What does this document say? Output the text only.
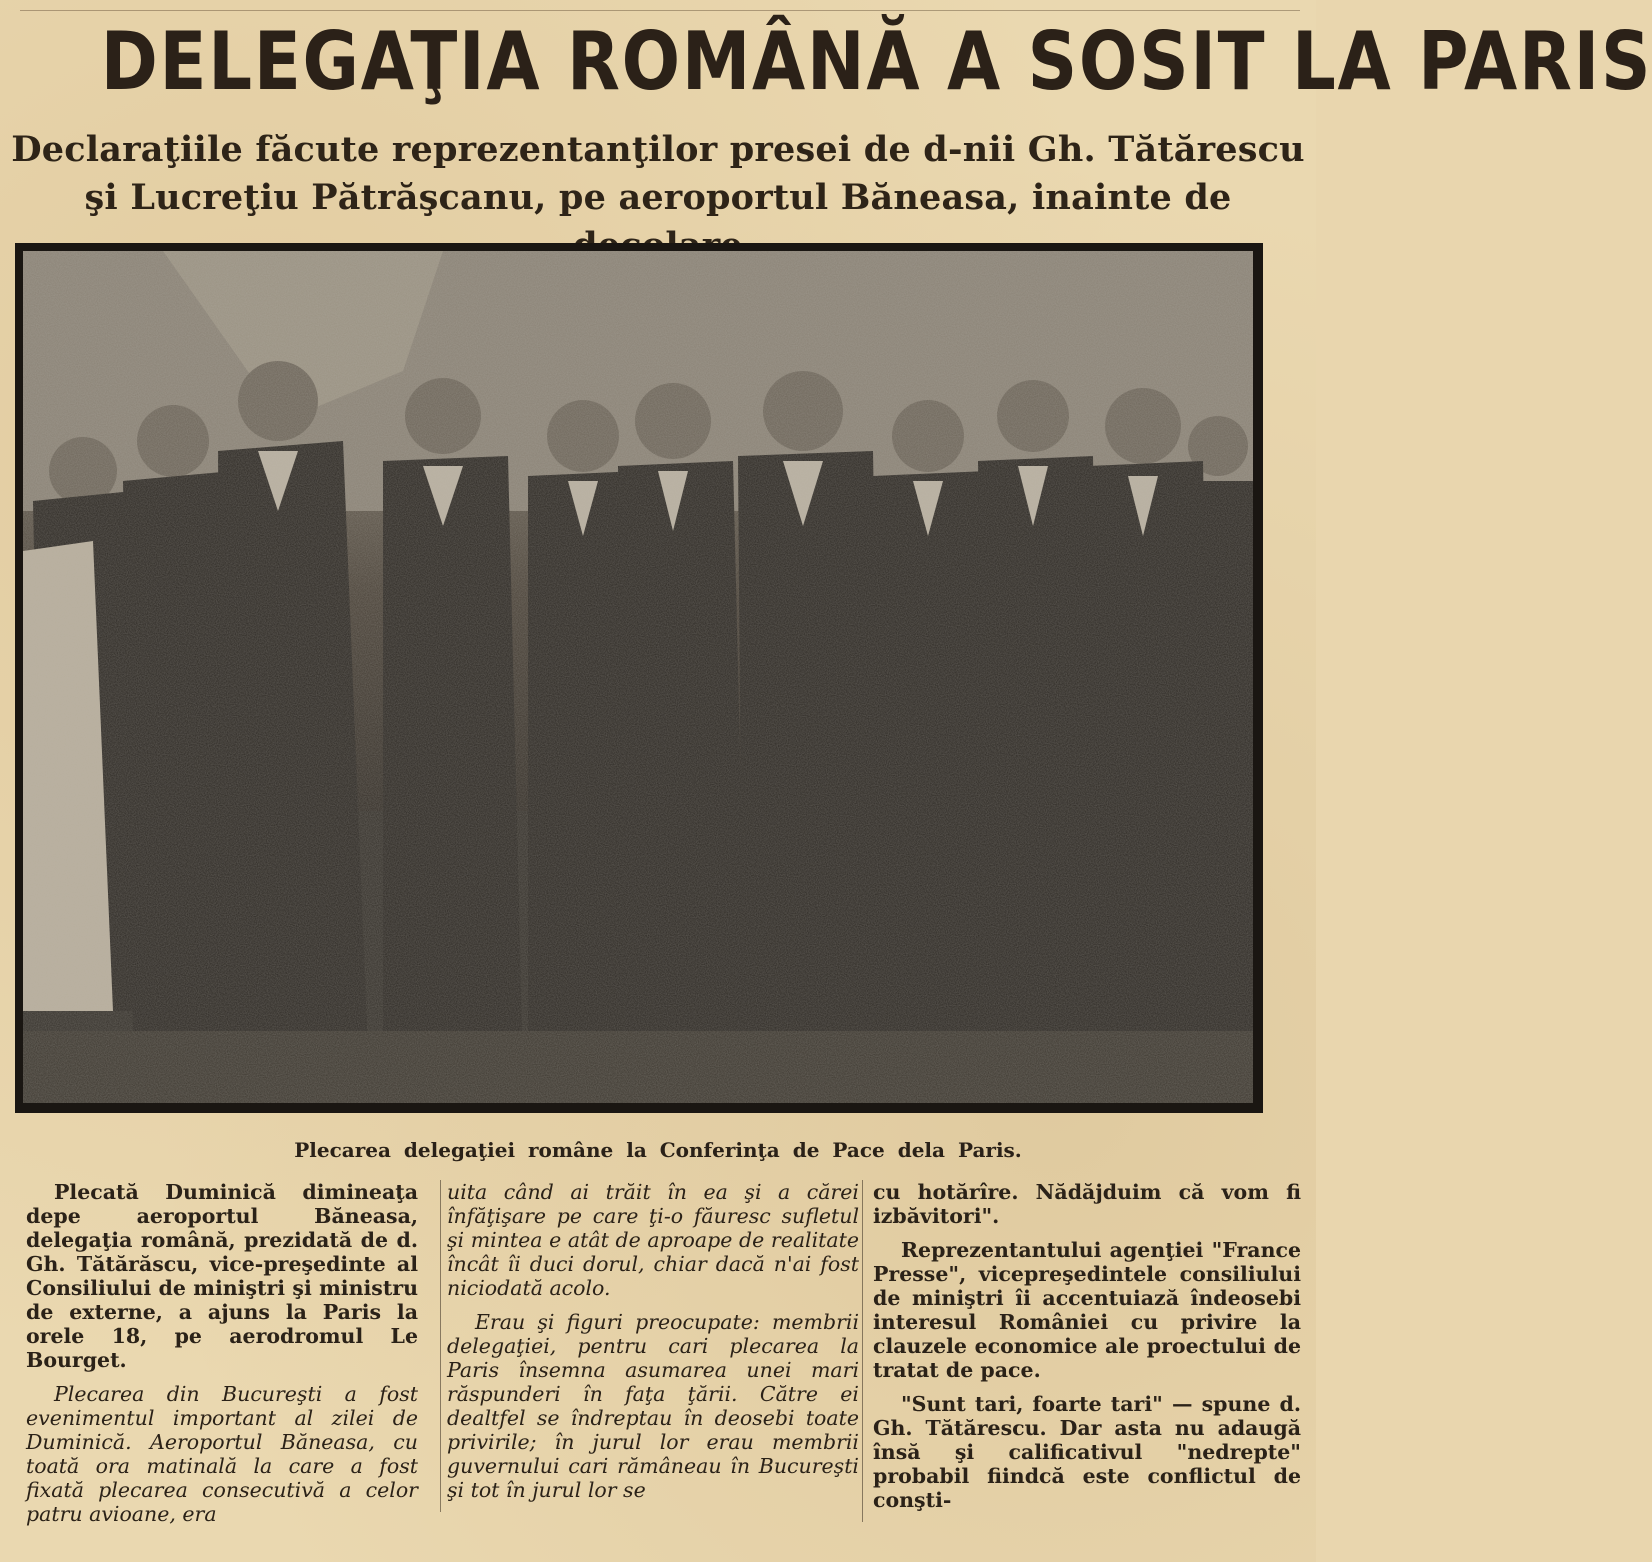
DELEGAŢIA ROMÂNĂ A SOSIT LA PARIS
Declaraţiile făcute reprezentanţilor presei de d-nii Gh. Tătărescu
şi Lucreţiu Pătrăşcanu, pe aeroportul Băneasa, inainte de
Plecarea delegaţiei române la Conferinţa de Pace dela Paris.

Plecată Duminică dimineaţa depe aeroportul Băneasa, delegaţia română, prezidată de d. Gh. Tătărăscu, vice-preşedinte al Consiliului de miniştri şi ministru de externe, a ajuns la Paris la orele 18, pe aerodromul Le Bourget.

Plecarea din Bucureşti a fost evenimentul important al zilei de Duminică. Aeroportul Băneasa, cu toată ora matinală la care a fost fixată plecarea consecutivă a celor patru avioane, era

uita când ai trăit în ea şi a cărei înfăţişare pe care ţi-o făuresc sufletul şi mintea e atât de aproape de realitate încât îi duci dorul, chiar dacă n'ai fost niciodată acolo.

Erau şi figuri preocupate: membrii delegaţiei, pentru cari plecarea la Paris însemna asumarea unei mari răspunderi în faţa ţării. Către ei dealtfel se îndreptau în deosebi toate privirile; în jurul lor erau membrii guvernului cari rămâneau în Bucureşti şi tot în jurul lor se

cu hotărîre. Nădăjduim că vom fi izbăvitori".

Reprezentantului agenţiei "France Presse", vicepreşedintele consiliului de miniştri îi accentuiază îndeosebi interesul României cu privire la clauzele economice ale proectului de tratat de pace.

"Sunt tari, foarte tari" — spune d. Gh. Tătărescu. Dar asta nu adaugă însă şi calificativul "nedrepte" probabil fiindcă este conflictul de conşti-
